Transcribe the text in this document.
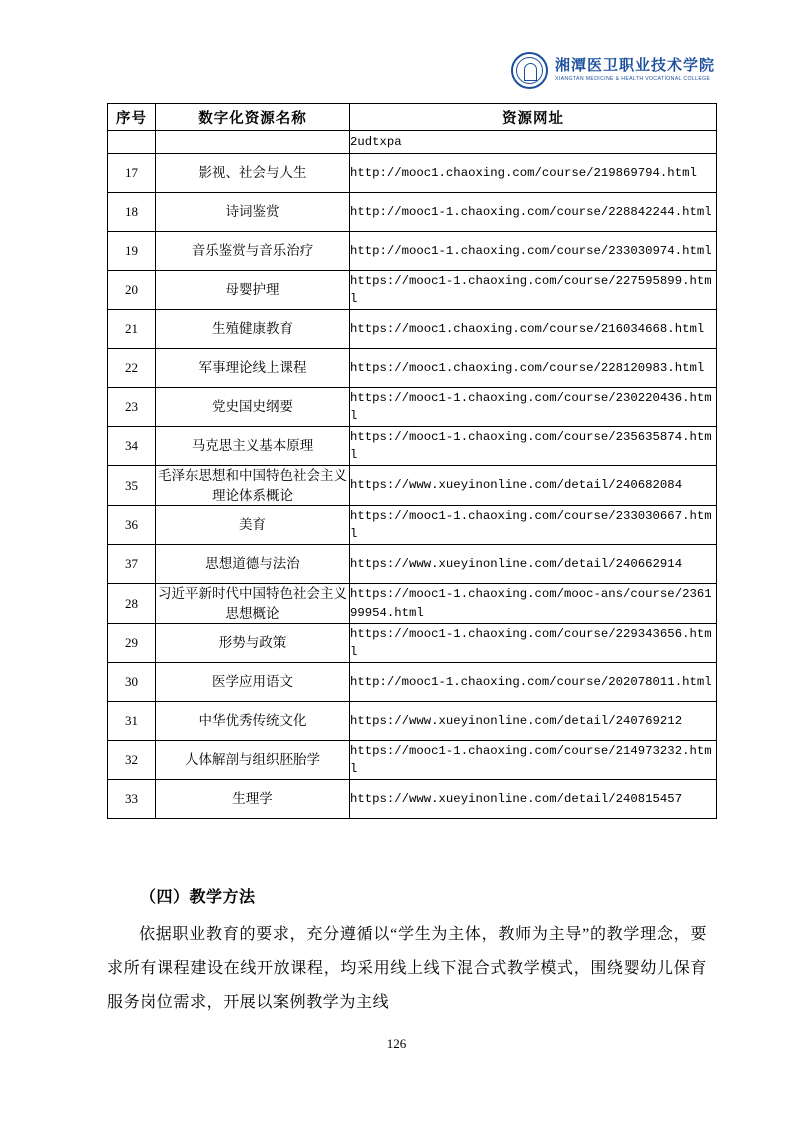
湘潭医卫职业技术学院
XIANGTAN MEDICINE & HEALTH VOCATIONAL COLLEGE
序号	数字化资源名称	资源网址
		2udtxpa
17	影视、社会与人生	http://mooc1.chaoxing.com/course/219869794.html
18	诗词鉴赏	http://mooc1-1.chaoxing.com/course/228842244.html
19	音乐鉴赏与音乐治疗	http://mooc1-1.chaoxing.com/course/233030974.html
20	母婴护理	https://mooc1-1.chaoxing.com/course/227595899.html
21	生殖健康教育	https://mooc1.chaoxing.com/course/216034668.html
22	军事理论线上课程	https://mooc1.chaoxing.com/course/228120983.html
23	党史国史纲要	https://mooc1-1.chaoxing.com/course/230220436.html
34	马克思主义基本原理	https://mooc1-1.chaoxing.com/course/235635874.html
35	毛泽东思想和中国特色社会主义理论体系概论	https://www.xueyinonline.com/detail/240682084
36	美育	https://mooc1-1.chaoxing.com/course/233030667.html
37	思想道德与法治	https://www.xueyinonline.com/detail/240662914
28	习近平新时代中国特色社会主义思想概论	https://mooc1-1.chaoxing.com/mooc-ans/course/236199954.html
29	形势与政策	https://mooc1-1.chaoxing.com/course/229343656.html
30	医学应用语文	http://mooc1-1.chaoxing.com/course/202078011.html
31	中华优秀传统文化	https://www.xueyinonline.com/detail/240769212
32	人体解剖与组织胚胎学	https://mooc1-1.chaoxing.com/course/214973232.html
33	生理学	https://www.xueyinonline.com/detail/240815457
（四）教学方法
依据职业教育的要求，充分遵循以“学生为主体，教师为主导”的教学理念，要求所有课程建设在线开放课程，均采用线上线下混合式教学模式，围绕婴幼儿保育服务岗位需求，开展以案例教学为主线
126
